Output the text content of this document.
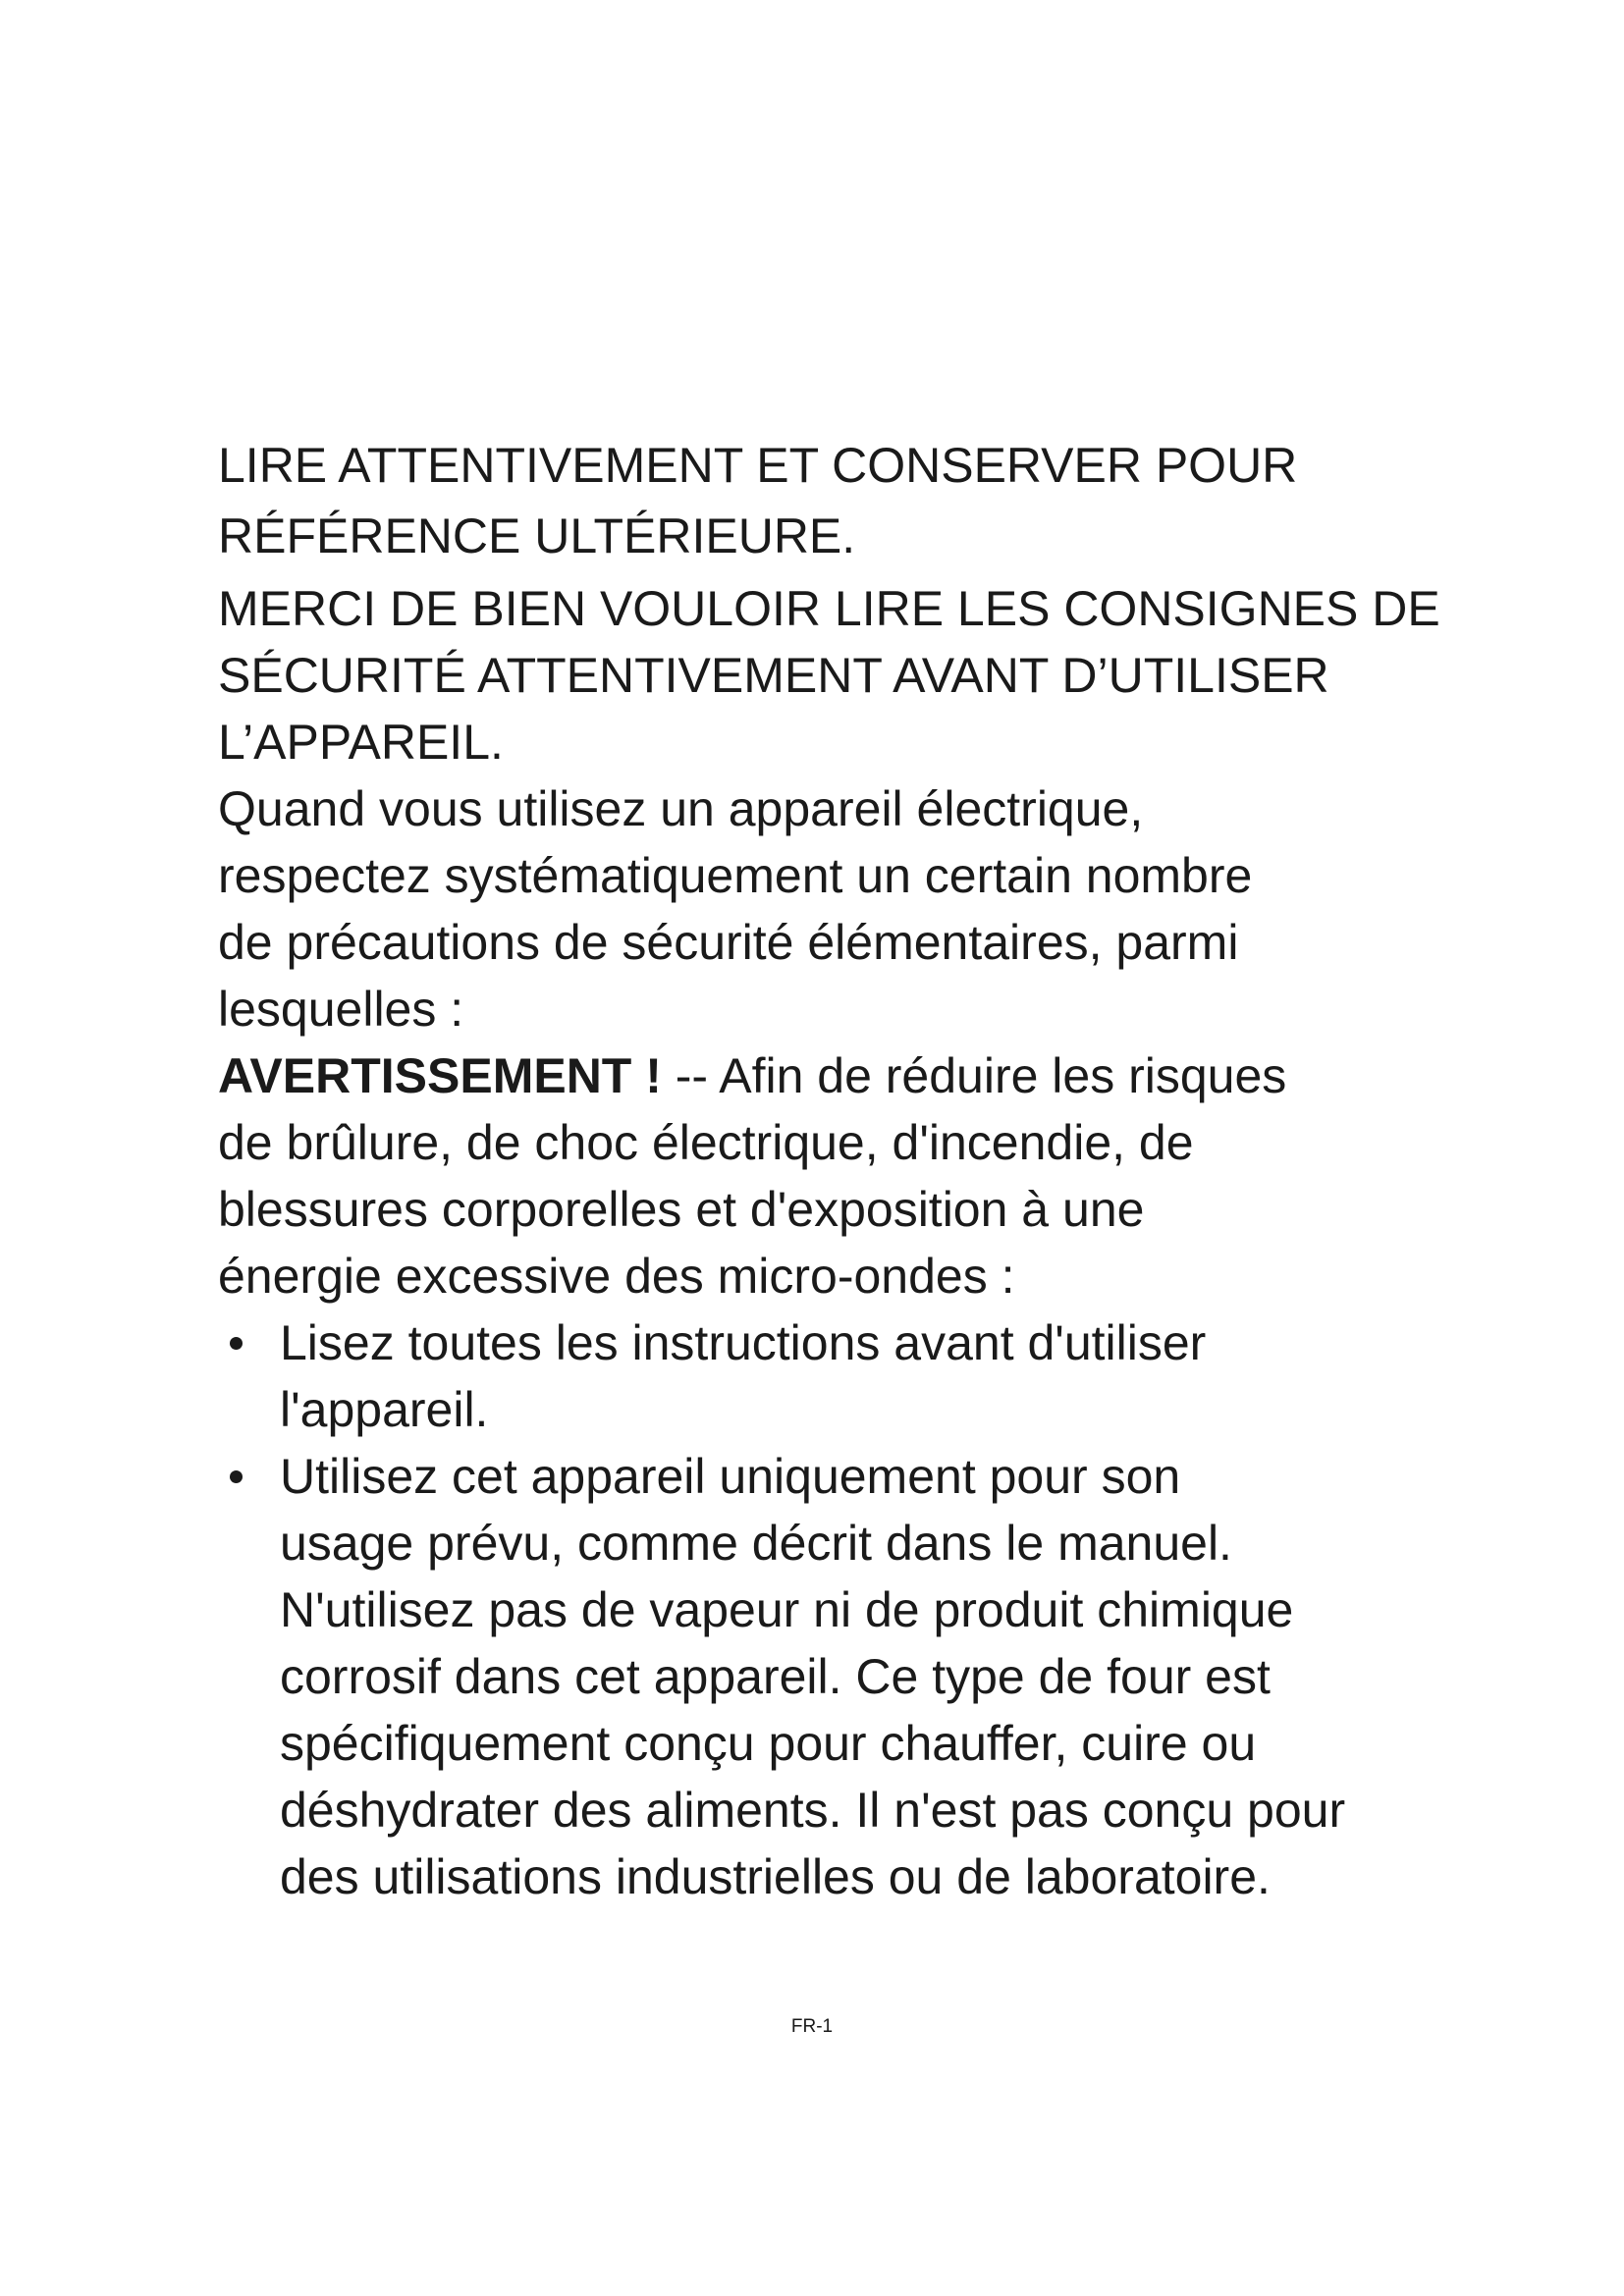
LIRE ATTENTIVEMENT ET CONSERVER POUR

RÉFÉRENCE ULTÉRIEURE.

MERCI DE BIEN VOULOIR LIRE LES CONSIGNES DE

SÉCURITÉ ATTENTIVEMENT AVANT D’UTILISER

L’APPAREIL.

Quand vous utilisez un appareil électrique,

respectez systématiquement un certain nombre

de précautions de sécurité élémentaires, parmi

lesquelles :

AVERTISSEMENT ! -- Afin de réduire les risques

de brûlure, de choc électrique, d'incendie, de

blessures corporelles et d'exposition à une

énergie excessive des micro-ondes :

Lisez toutes les instructions avant d'utiliser

l'appareil.

Utilisez cet appareil uniquement pour son

usage prévu, comme décrit dans le manuel.

N'utilisez pas de vapeur ni de produit chimique

corrosif dans cet appareil. Ce type de four est

spécifiquement conçu pour chauffer, cuire ou

déshydrater des aliments. Il n'est pas conçu pour

des utilisations industrielles ou de laboratoire.

FR-1
